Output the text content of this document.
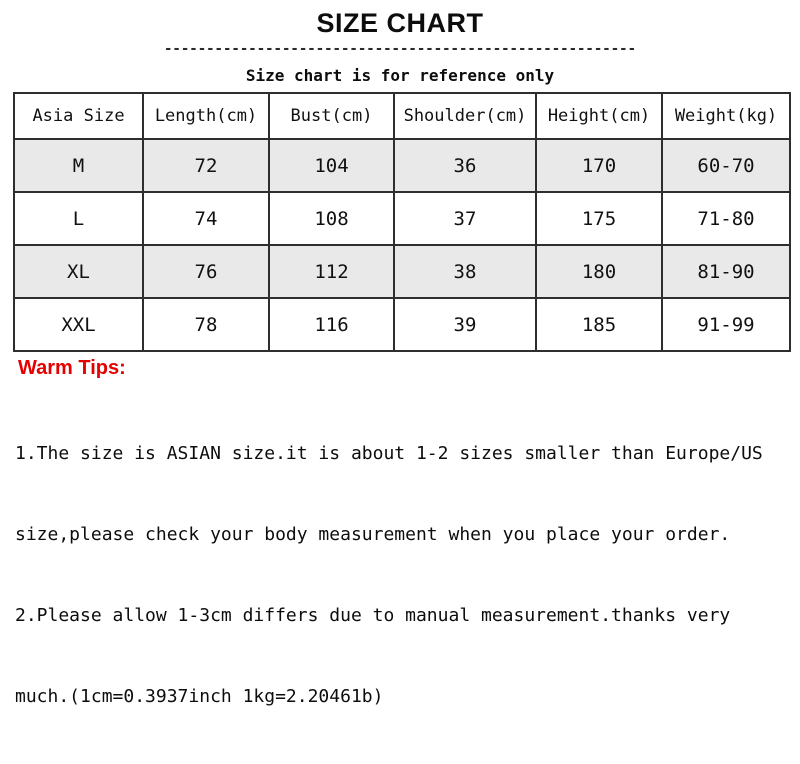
SIZE CHART
--------------------------------------------------------
Size chart is for reference only
Asia Size	Length(cm)	Bust(cm)	Shoulder(cm)	Height(cm)	Weight(kg)
M	72	104	36	170	60-70
L	74	108	37	175	71-80
XL	76	112	38	180	81-90
XXL	78	116	39	185	91-99
Warm Tips:

1.The size is ASIAN size.it is about 1-2 sizes smaller than Europe/US

size,please check your body measurement when you place your order.

2.Please allow 1-3cm differs due to manual measurement.thanks very

much.(1cm=0.3937inch 1kg=2.20461b)
